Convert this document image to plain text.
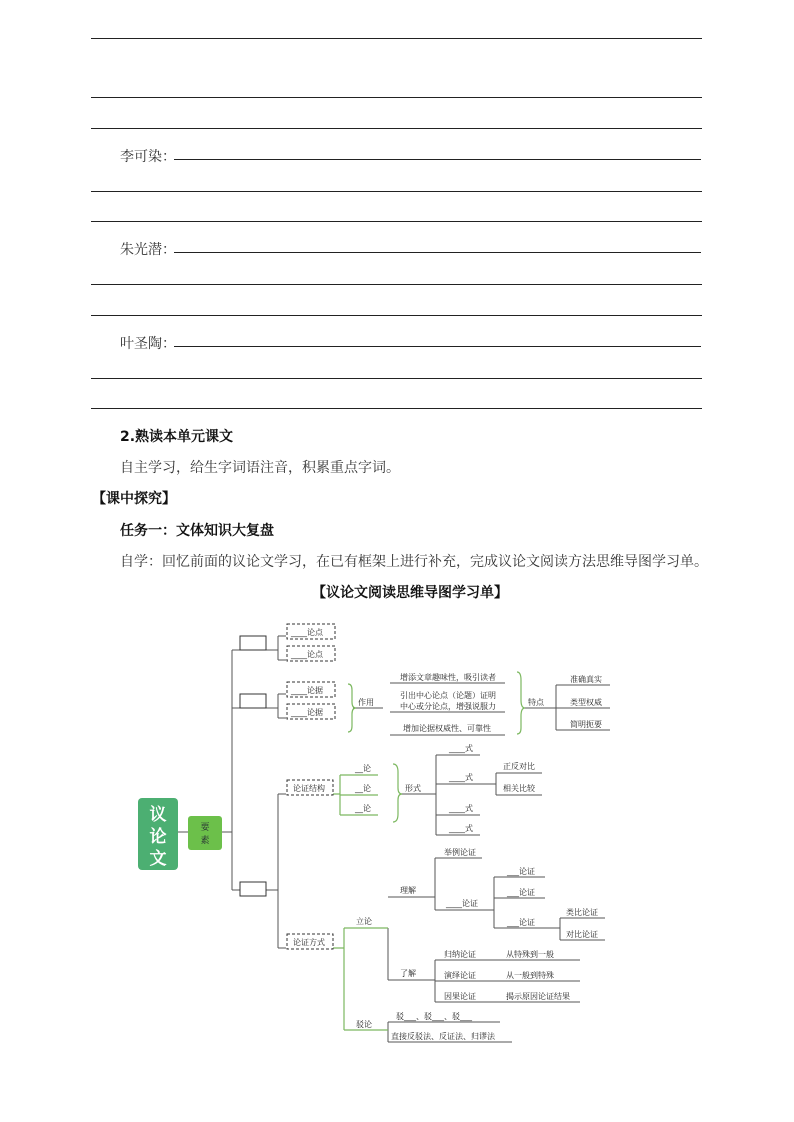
李可染：
朱光潜：
叶圣陶：
2.熟读本单元课文
自主学习，给生字词语注音，积累重点字词。
【课中探究】
任务一：文体知识大复盘
自学：回忆前面的议论文学习，在已有框架上进行补充，完成议论文阅读方法思维导图学习单。
【议论文阅读思维导图学习单】
议
论
文
要
素
____论点
____论点
____论据
____论据
论证结构
论证方式
作用
增添文章趣味性，吸引读者
引出中心论点（论题）证明
中心或分论点，增强说服力
增加论据权威性、可靠性
特点
准确真实
类型权威
简明扼要
__论
__论
__论
形式
____式
____式
____式
____式
正反对比
相关比较
立论
驳论
理解
了解
举例论证
____论证
___论证
___论证
___论证
类比论证
对比论证
归纳论证	从特殊到一般
演绎论证	从一般到特殊
因果论证	揭示原因论证结果
驳___、驳___、驳___
直接反驳法、反证法、归谬法
